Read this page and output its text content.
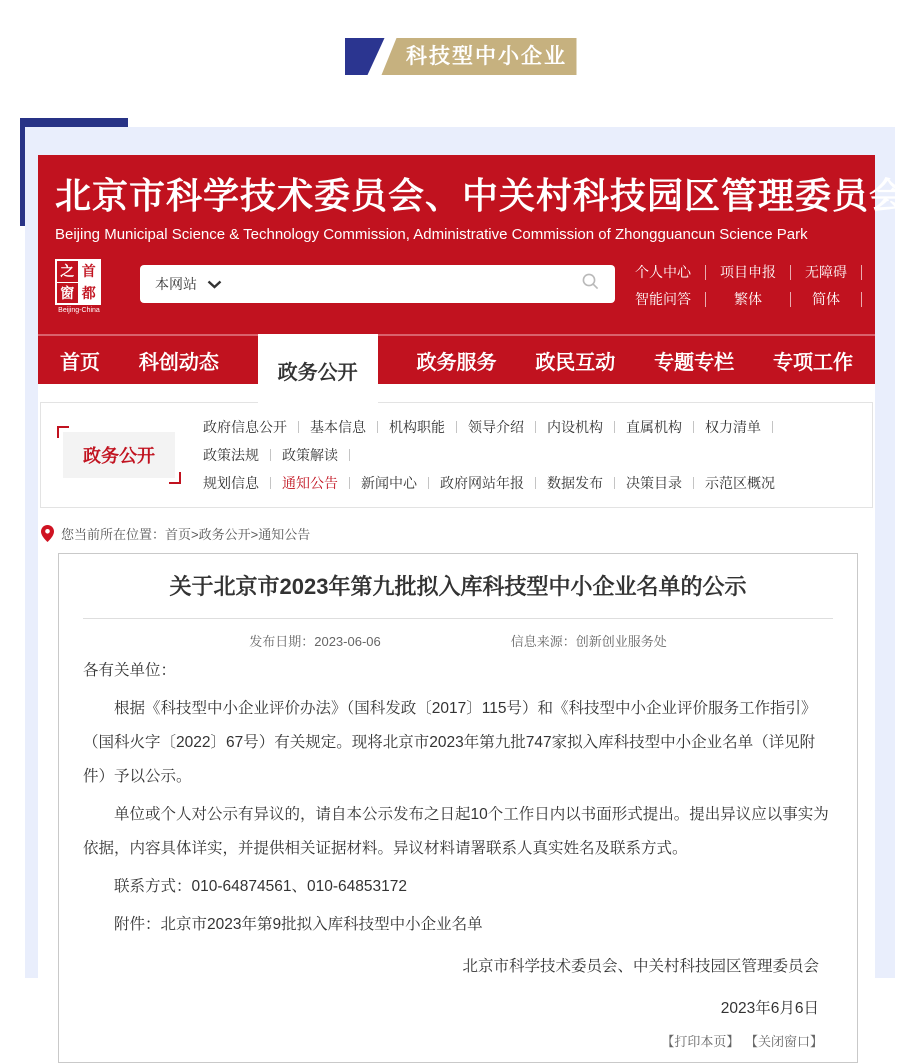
科技型中小企业
北京市科学技术委员会、中关村科技园区管理委员会
Beijing Municipal Science & Technology Commission, Administrative Commission of Zhongguancun Science Park
之 首
窗 都
Beijing-China
本网站
个人中心	项目申报	无障碍
智能问答	繁体	简体
首页 科创动态	政务公开	政务服务 政民互动 专题专栏 专项工作
政务公开
政府信息公开 基本信息 机构职能 领导介绍 内设机构 直属机构 权力清单政策法规 政策解读
规划信息 通知公告 新闻中心 政府网站年报 数据发布 决策目录 示范区概况
您当前所在位置： 首页>政务公开>通知公告
关于北京市2023年第九批拟入库科技型中小企业名单的公示
发布日期：2023-06-06	信息来源：创新创业服务处

各有关单位：

根据《科技型中小企业评价办法》（国科发政〔2017〕115号）和《科技型中小企业评价服务工作指引》（国科火字〔2022〕67号）有关规定。现将北京市2023年第九批747家拟入库科技型中小企业名单（详见附件）予以公示。

单位或个人对公示有异议的，请自本公示发布之日起10个工作日内以书面形式提出。提出异议应以事实为依据，内容具体详实，并提供相关证据材料。异议材料请署联系人真实姓名及联系方式。

联系方式：010-64874561、010-64853172

附件：北京市2023年第9批拟入库科技型中小企业名单

北京市科学技术委员会、中关村科技园区管理委员会
2023年6月6日
【打印本页】 【关闭窗口】
